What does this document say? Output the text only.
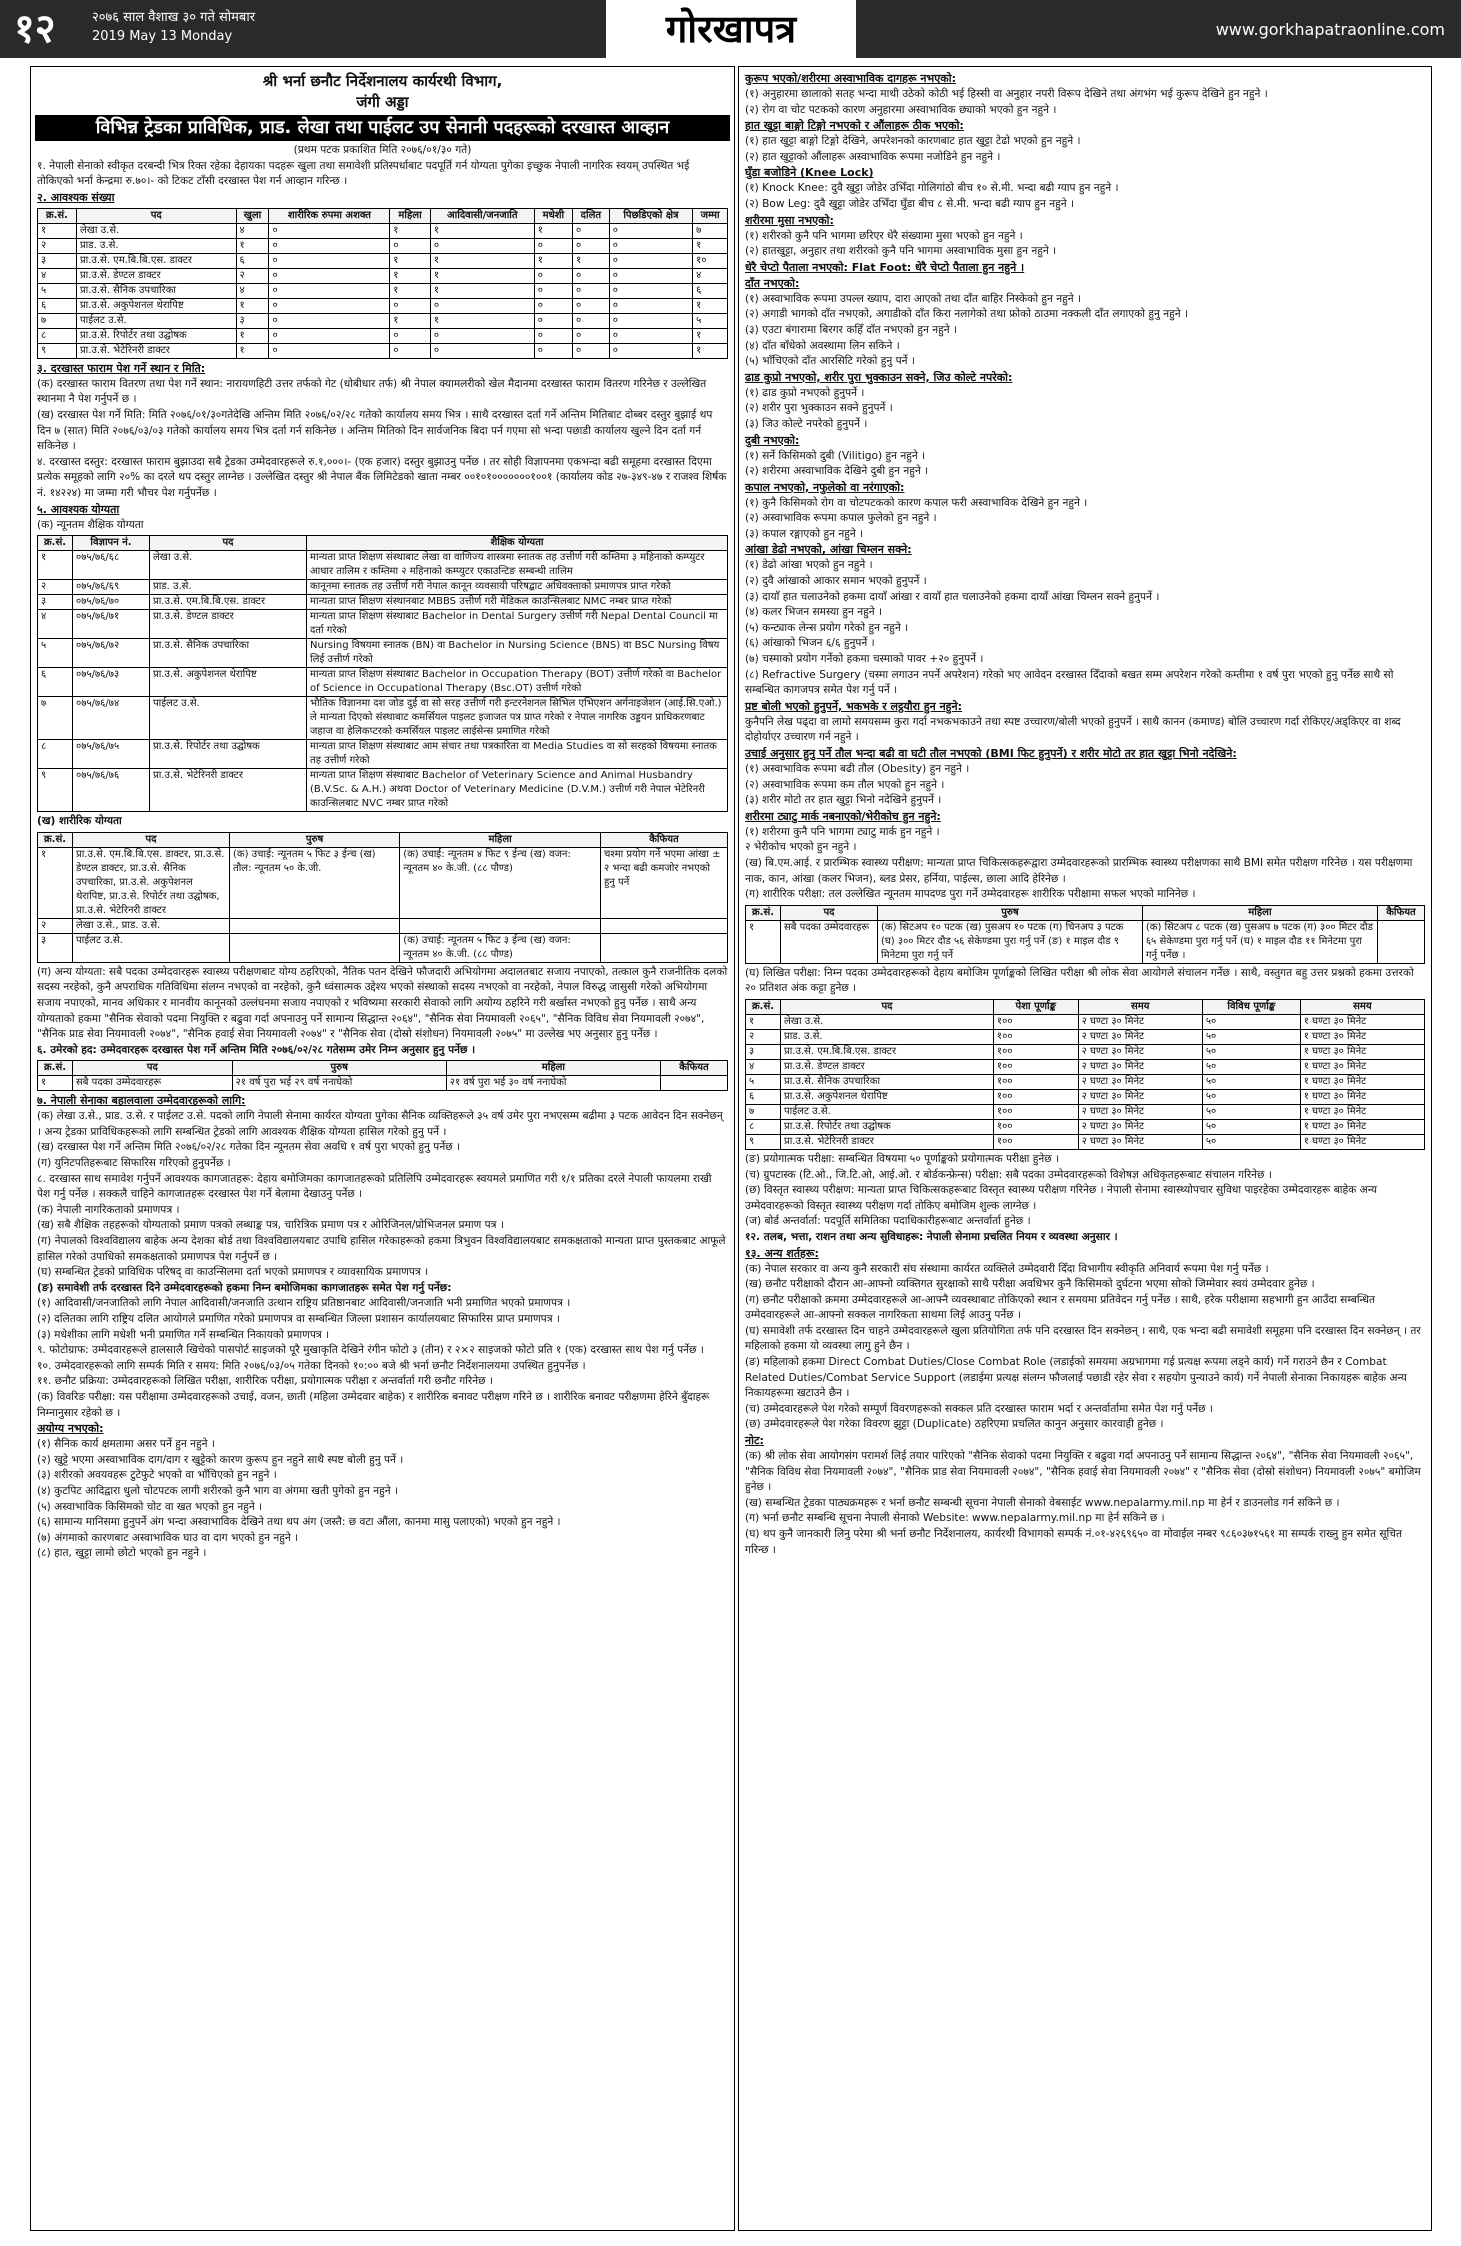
१२	२०७६ साल वैशाख ३० गते सोमबार
2019 May 13 Monday	गोरखापत्र	www.gorkhapatraonline.com
श्री भर्ना छनौट निर्देशनालय कार्यरथी विभाग,
जंगी अड्डा
विभिन्न ट्रेडका प्राविधिक, प्राड. लेखा तथा पाईलट उप सेनानी पदहरूको दरखास्त आव्हान
(प्रथम पटक प्रकाशित मिति २०७६/०१/३० गते)
१. नेपाली सेनाको स्वीकृत दरबन्दी भित्र रिक्त रहेका देहायका पदहरू खुला तथा समावेशी प्रतिस्पर्धाबाट पदपूर्ति गर्न योग्यता पुगेका इच्छुक नेपाली नागरिक स्वयम् उपस्थित भई तोकिएको भर्ना केन्द्रमा रु.७०।- को टिकट टाँसी दरखास्त पेश गर्न आव्हान गरिन्छ ।
२. आवश्यक संख्या
क्र.सं.	पद	खुला	शारीरिक रुपमा अशक्त	महिला	आदिवासी/जनजाति	मधेशी	दलित	पिछडिएको क्षेत्र	जम्मा
१	लेखा उ.से.	४	०	१	१	१	०	०	७
२	प्राड. उ.से.	१	०	०	०	०	०	०	१
३	प्रा.उ.से. एम.बि.बि.एस. डाक्टर	६	०	१	१	१	१	०	१०
४	प्रा.उ.से. डेण्टल डाक्टर	२	०	१	१	०	०	०	४
५	प्रा.उ.से. सैनिक उपचारिका	४	०	१	१	०	०	०	६
६	प्रा.उ.से. अकुपेशनल थेरापिष्ट	१	०	०	०	०	०	०	१
७	पाईलट उ.से.	३	०	१	१	०	०	०	५
८	प्रा.उ.से. रिपोर्टर तथा उद्घोषक	१	०	०	०	०	०	०	१
९	प्रा.उ.से. भेटेरिनरी डाक्टर	१	०	०	०	०	०	०	१
३. दरखास्त फाराम पेश गर्ने स्थान र मिति:
(क) दरखास्त फाराम वितरण तथा पेश गर्ने स्थान: नारायणहिटी उत्तर तर्फको गेट (धोबीधार तर्फ) श्री नेपाल क्यामलरीको खेल मैदानमा दरखास्त फाराम वितरण गरिनेछ र उल्लेखित स्थानमा नै पेश गर्नुपर्ने छ ।
(ख) दरखास्त पेश गर्ने मिति: मिति २०७६/०१/३०गतेदेखि अन्तिम मिति २०७६/०२/२८ गतेको कार्यालय समय भित्र । साथै दरखास्त दर्ता गर्ने अन्तिम मितिबाट दोब्बर दस्तुर बुझाई थप दिन ७ (सात) मिति २०७६/०३/०३ गतेको कार्यालय समय भित्र दर्ता गर्न सकिनेछ । अन्तिम मितिको दिन सार्वजनिक बिदा पर्न गएमा सो भन्दा पछाडी कार्यालय खुल्ने दिन दर्ता गर्न सकिनेछ ।
४. दरखास्त दस्तुर: दरखास्त फाराम बुझाउदा सबै ट्रेडका उम्मेदवारहरूले रु.१,०००।- (एक हजार) दस्तुर बुझाउनु पर्नेछ । तर सोही विज्ञापनमा एकभन्दा बढी समूहमा दरखास्त दिएमा प्रत्येक समूहको लागि २०% का दरले थप दस्तुर लाग्नेछ । उल्लेखित दस्तुर श्री नेपाल बैंक लिमिटेडको खाता नम्बर ००१०१०००००००१००१ (कार्यालय कोड २७-३४९-४७ र राजश्व शिर्षक नं. १४२२४) मा जम्मा गरी भौचर पेश गर्नुपर्नेछ ।
५. आवश्यक योग्यता
(क) न्यूनतम शैक्षिक योग्यता
क्र.सं.	विज्ञापन नं.	पद	शैक्षिक योग्यता
१	०७५/७६/६८	लेखा उ.से.	मान्यता प्राप्त शिक्षण संस्थाबाट लेखा वा वाणिज्य शास्त्रमा स्नातक तह उत्तीर्ण गरी कम्तिमा ३ महिनाको कम्प्युटर आधार तालिम र कम्तिमा २ महिनाको कम्प्युटर एकाउन्टिङ सम्बन्धी तालिम
२	०७५/७६/६९	प्राड. उ.से.	कानूनमा स्नातक तह उत्तीर्ण गरी नेपाल कानून व्यवसायी परिषद्बाट अधिवक्ताको प्रमाणपत्र प्राप्त गरेको
३	०७५/७६/७०	प्रा.उ.से. एम.बि.बि.एस. डाक्टर	मान्यता प्राप्त शिक्षण संस्थानबाट MBBS उत्तीर्ण गरी मेडिकल काउन्सिलबाट NMC नम्बर प्राप्त गरेको
४	०७५/७६/७१	प्रा.उ.से. डेण्टल डाक्टर	मान्यता प्राप्त शिक्षण संस्थाबाट Bachelor in Dental Surgery उत्तीर्ण गरी Nepal Dental Council मा दर्ता गरेको
५	०७५/७६/७२	प्रा.उ.से. सैनिक उपचारिका	Nursing विषयमा स्नातक (BN) वा Bachelor in Nursing Science (BNS) वा BSC Nursing विषय लिई उत्तीर्ण गरेको
६	०७५/७६/७३	प्रा.उ.से. अकुपेशनल थेरापिष्ट	मान्यता प्राप्त शिक्षण संस्थाबाट Bachelor in Occupation Therapy (BOT) उत्तीर्ण गरेको वा Bachelor of Science in Occupational Therapy (Bsc.OT) उत्तीर्ण गरेको
७	०७५/७६/७४	पाईलट उ.से.	भौतिक विज्ञानमा दश जोड दुई वा सो सरह उत्तीर्ण गरी इन्टरनेशनल सिभिल एभिएशन अर्गनाइजेशन (आई.सि.एओ.) ले मान्यता दिएको संस्थाबाट कमर्सियल पाइलट इजाजत पत्र प्राप्त गरेको र नेपाल नागरिक उड्डयन प्राधिकरणबाट जहाज वा हेलिकप्टरको कमर्सियल पाइलट लाईसेन्स प्रमाणित गरेको
८	०७५/७६/७५	प्रा.उ.से. रिपोर्टर तथा उद्घोषक	मान्यता प्राप्त शिक्षण संस्थाबाट आम संचार तथा पत्रकारिता वा Media Studies वा सो सरहको विषयमा स्नातक तह उत्तीर्ण गरेको
९	०७५/७६/७६	प्रा.उ.से. भेटेरिनरी डाक्टर	मान्यता प्राप्त शिक्षण संस्थाबाट Bachelor of Veterinary Science and Animal Husbandry (B.V.Sc. & A.H.) अथवा Doctor of Veterinary Medicine (D.V.M.) उत्तीर्ण गरी नेपाल भेटेरिनरी काउन्सिलबाट NVC नम्बर प्राप्त गरेको
(ख) शारीरिक योग्यता
क्र.सं.	पद	पुरुष	महिला	कैफियत
१	प्रा.उ.से. एम.बि.बि.एस. डाक्टर, प्रा.उ.से. डेण्टल डाक्टर, प्रा.उ.से. सैनिक उपचारिका, प्रा.उ.से. अकुपेशनल थेरापिष्ट, प्रा.उ.से. रिपोर्टर तथा उद्घोषक, प्रा.उ.से. भेटेरिनरी डाक्टर	(क) उचाई: न्यूनतम ५ फिट ३ ईन्च (ख) तौल: न्यूनतम ५० के.जी.	(क) उचाई: न्यूनतम ४ फिट ९ ईन्च (ख) वजन: न्यूनतम ४० के.जी. (८८ पौण्ड)	चश्मा प्रयोग गर्ने भएमा आंखा ± २ भन्दा बढी कमजोर नभएको हुनु पर्ने
२	लेखा उ.से., प्राड. उ.से.			
३	पाईलट उ.से.		(क) उचाई: न्यूनतम ५ फिट ३ ईन्च (ख) वजन: न्यूनतम ४० के.जी. (८८ पौण्ड)	
(ग) अन्य योग्यता: सबै पदका उम्मेदवारहरू स्वास्थ्य परीक्षणबाट योग्य ठहरिएको, नैतिक पतन देखिने फौजदारी अभियोगमा अदालतबाट सजाय नपाएको, तत्काल कुनै राजनीतिक दलको सदस्य नरहेको, कुनै अपराधिक गतिविधिमा संलग्न नभएको वा नरहेको, कुनै ध्वंसात्मक उद्देश्य भएको संस्थाको सदस्य नभएको वा नरहेको, नेपाल विरुद्ध जासुसी गरेको अभियोगमा सजाय नपाएको, मानव अधिकार र मानवीय कानूनको उल्लंघनमा सजाय नपाएको र भविष्यमा सरकारी सेवाको लागि अयोग्य ठहरिने गरी बर्खास्त नभएको हुनु पर्नेछ । साथै अन्य योग्यताको हकमा "सैनिक सेवाको पदमा नियुक्ति र बढुवा गर्दा अपनाउनु पर्ने सामान्य सिद्धान्त २०६४", "सैनिक सेवा नियमावली २०६५", "सैनिक विविध सेवा नियमावली २०७४", "सैनिक प्राड सेवा नियमावली २०७४", "सैनिक हवाई सेवा नियमावली २०७४" र "सैनिक सेवा (दोस्रो संशोधन) नियमावली २०७५" मा उल्लेख भए अनुसार हुनु पर्नेछ ।
६. उमेरको हद: उम्मेदवारहरू दरखास्त पेश गर्ने अन्तिम मिति २०७६/०२/२८ गतेसम्म उमेर निम्न अनुसार हुनु पर्नेछ ।
क्र.सं.	पद	पुरुष	महिला	कैफियत
१	सबै पदका उम्मेदवारहरू	२१ वर्ष पुरा भई २९ वर्ष ननाघेको	२१ वर्ष पुरा भई ३० वर्ष ननाघेको	
७. नेपाली सेनाका बहालवाला उम्मेदवारहरूको लागि:
(क) लेखा उ.से., प्राड. उ.से. र पाईलट उ.से. पदको लागि नेपाली सेनामा कार्यरत योग्यता पुगेका सैनिक व्यक्तिहरूले ३५ वर्ष उमेर पुरा नभएसम्म बढीमा ३ पटक आवेदन दिन सक्नेछन् । अन्य ट्रेडका प्राविधिकहरूको लागि सम्बन्धित ट्रेडको लागि आवश्यक शैक्षिक योग्यता हासिल गरेको हुनु पर्ने ।
(ख) दरखास्त पेश गर्ने अन्तिम मिति २०७६/०२/२८ गतेका दिन न्यूनतम सेवा अवधि १ वर्ष पुरा भएको हुनु पर्नेछ ।
(ग) युनिटपतिहरूबाट सिफारिस गरिएको हुनुपर्नेछ ।
८. दरखास्त साथ समावेश गर्नुपर्ने आवश्यक कागजातहरू: देहाय बमोजिमका कागजातहरूको प्रतिलिपि उम्मेदवारहरू स्वयमले प्रमाणित गरी १/१ प्रतिका दरले नेपाली फायलमा राखी पेश गर्नु पर्नेछ । सक्कलै चाहिने कागजातहरू दरखास्त पेश गर्ने बेलामा देखाउनु पर्नेछ ।
(क) नेपाली नागरिकताको प्रमाणपत्र ।
(ख) सबै शैक्षिक तहहरूको योग्यताको प्रमाण पत्रको लब्धाङ्क पत्र, चारित्रिक प्रमाण पत्र र ओरिजिनल/प्रोभिजनल प्रमाण पत्र ।
(ग) नेपालको विश्वविद्यालय बाहेक अन्य देशका बोर्ड तथा विश्वविद्यालयबाट उपाधि हासिल गरेकाहरूको हकमा त्रिभुवन विश्वविद्यालयबाट समकक्षताको मान्यता प्राप्त पुस्तकबाट आफूले हासिल गरेको उपाधिको समकक्षताको प्रमाणपत्र पेश गर्नुपर्ने छ ।
(घ) सम्बन्धित ट्रेडको प्राविधिक परिषद् वा काउन्सिलमा दर्ता भएको प्रमाणपत्र र व्यावसायिक प्रमाणपत्र ।
(ङ) समावेशी तर्फ दरखास्त दिने उम्मेदवारहरूको हकमा निम्न बमोजिमका कागजातहरू समेत पेश गर्नु पर्नेछ:
(१) आदिवासी/जनजातिको लागि नेपाल आदिवासी/जनजाति उत्थान राष्ट्रिय प्रतिष्ठानबाट आदिवासी/जनजाति भनी प्रमाणित भएको प्रमाणपत्र ।
(२) दलितका लागि राष्ट्रिय दलित आयोगले प्रमाणित गरेको प्रमाणपत्र वा सम्बन्धित जिल्ला प्रशासन कार्यालयबाट सिफारिस प्राप्त प्रमाणपत्र ।
(३) मधेशीका लागि मधेशी भनी प्रमाणित गर्ने सम्बन्धित निकायको प्रमाणपत्र ।
९. फोटोग्राफ: उम्मेदवारहरूले हालसालै खिचेको पासपोर्ट साइजको पूरै मुखाकृति देखिने रंगीन फोटो ३ (तीन) र २×२ साइजको फोटो प्रति १ (एक) दरखास्त साथ पेश गर्नु पर्नेछ ।
१०. उम्मेदवारहरूको लागि सम्पर्क मिति र समय: मिति २०७६/०३/०५ गतेका दिनको १०:०० बजे श्री भर्ना छनौट निर्देशनालयमा उपस्थित हुनुपर्नेछ ।
११. छनौट प्रक्रिया: उम्मेदवारहरूको लिखित परीक्षा, शारीरिक परीक्षा, प्रयोगात्मक परीक्षा र अन्तर्वार्ता गरी छनौट गरिनेछ ।
(क) विवरिङ परीक्षा: यस परीक्षामा उम्मेदवारहरूको उचाई, वजन, छाती (महिला उम्मेदवार बाहेक) र शारीरिक बनावट परीक्षण गरिने छ । शारीरिक बनावट परीक्षणमा हेरिने बुँदाहरू निम्नानुसार रहेको छ ।
अयोग्य नभएको:
(१) सैनिक कार्य क्षमतामा असर पर्ने हुन नहुने ।
(२) खुट्टे भएमा अस्वाभाविक दाग/दाग र खुट्टेको कारण कुरूप हुन नहुने साथै स्पष्ट बोली हुनु पर्ने ।
(३) शरीरको अवयवहरू टुटेफुटे भएको वा भाँचिएको हुन नहुने ।
(४) कुटपिट आदिद्वारा धुलो चोटपटक लागी शरीरको कुनै भाग वा अंगमा खती पुगेको हुन नहुने ।
(५) अस्वाभाविक किसिमको चोट वा खत भएको हुन नहुने ।
(६) सामान्य मानिसमा हुनुपर्ने अंग भन्दा अस्वाभाविक देखिने तथा थप अंग (जस्तै: छ वटा औंला, कानमा मासु पलाएको) भएको हुन नहुने ।
(७) अंगमाको कारणबाट अस्वाभाविक घाउ वा दाग भएको हुन नहुने ।
(८) हात, खुट्टा लामो छोटो भएको हुन नहुने ।
कुरूप भएको/शरीरमा अस्वाभाविक दागहरू नभएको:
(१) अनुहारमा छालाको सतह भन्दा माथी उठेको कोठी भई हिस्सी वा अनुहार नपरी विरूप देखिने तथा अंगभंग भई कुरूप देखिने हुन नहुने ।
(२) रोग वा चोट पटकको कारण अनुहारमा अस्वाभाविक छ्याको भएको हुन नहुने ।
हात खुट्टा बाङ्गो टिङ्गो नभएको र औंलाहरू ठीक भएको:
(१) हात खुट्टा बाङ्गो टिङ्गो देखिने, अपरेशनको कारणबाट हात खुट्टा टेढो भएको हुन नहुने ।
(२) हात खुट्टाको औंलाहरू अस्वाभाविक रूपमा नजोडिने हुन नहुने ।
घुँडा बजोडिने (Knee Lock)
(१) Knock Knee: दुवै खुट्टा जोडेर उभिँदा गोलिगांठो बीच १० से.मी. भन्दा बढी ग्याप हुन नहुने ।
(२) Bow Leg: दुवै खुट्टा जोडेर उभिँदा घुँडा बीच ८ से.मी. भन्दा बढी ग्याप हुन नहुने ।
शरीरमा मुसा नभएको:
(१) शरीरको कुनै पनि भागमा छरिएर धेरै संख्यामा मुसा भएको हुन नहुने ।
(२) हातखुट्टा, अनुहार तथा शरीरको कुनै पनि भागमा अस्वाभाविक मुसा हुन नहुने ।
धेरै चेप्टो पैताला नभएको: Flat Foot: धेरै चेप्टो पैताला हुन नहुने ।
दाँत नभएको:
(१) अस्वाभाविक रूपमा उपल्ल ख्याप, दारा आएको तथा दाँत बाहिर निस्केको हुन नहुने ।
(२) अगाडी भागको दाँत नभएको, अगाडीको दाँत किरा नलागेको तथा फ्रोको ठाउमा नक्कली दाँत लगाएको हुनु नहुने ।
(३) एउटा बंगारामा बिरगर कहिँ दाँत नभएको हुन नहुने ।
(४) दाँत बाँधेको अवस्थामा लिन सकिने ।
(५) भाँचिएको दाँत आरसिटि गरेको हुनु पर्ने ।
ढाड कुप्रो नभएको, शरीर पुरा भुक्काउन सक्ने, जिउ कोल्टे नपरेको:
(१) ढाड कुप्रो नभएको हुनुपर्ने ।
(२) शरीर पुरा भुक्काउन सक्ने हुनुपर्ने ।
(३) जिउ कोल्टे नपरेको हुनुपर्ने ।
दुबी नभएको:
(१) सर्ने किसिमको दुबी (Vilitigo) हुन नहुने ।
(२) शरीरमा अस्वाभाविक देखिने दुबी हुन नहुने ।
कपाल नभएको, नफुलेको वा नरंगाएको:
(१) कुनै किसिमको रोग वा चोटपटकको कारण कपाल फरी अस्वाभाविक देखिने हुन नहुने ।
(२) अस्वाभाविक रूपमा कपाल फुलेको हुन नहुने ।
(३) कपाल रङ्गाएको हुन नहुने ।
आंखा डेढो नभएको, आंखा चिम्लन सक्ने:
(१) डेढो आंखा भएको हुन नहुने ।
(२) दुवै आंखाको आकार समान भएको हुनुपर्ने ।
(३) दायाँ हात चलाउनेको हकमा दायाँ आंखा र वायाँ हात चलाउनेको हकमा दायाँ आंखा चिम्लन सक्ने हुनुपर्ने ।
(४) कलर भिजन समस्या हुन नहुने ।
(५) कन्ट्याक लेन्स प्रयोग गरेको हुन नहुने ।
(६) आंखाको भिजन ६/६ हुनुपर्ने ।
(७) चस्माको प्रयोग गर्नेको हकमा चस्माको पावर +२० हुनुपर्ने ।
(८) Refractive Surgery (चस्मा लगाउन नपर्ने अपरेशन) गरेको भए आवेदन दरखास्त दिँदाको बखत सम्म अपरेशन गरेको कम्तीमा १ वर्ष पुरा भएको हुनु पर्नेछ साथै सो सम्बन्धित कागजपत्र समेत पेश गर्नु पर्ने ।
प्रष्ट बोली भएको हुनुपर्ने, भकभके र लट्ठयौरा हुन नहुने:
कुनैपनि लेख पढ्दा वा लामो समयसम्म कुरा गर्दा नभकभकाउने तथा स्पष्ट उच्चारण/बोली भएको हुनुपर्ने । साथै कानन (कमाण्ड) बोलि उच्चारण गर्दा रोकिएर/अड्किएर वा शब्द दोहोर्याएर उच्चारण गर्न नहुने ।
उचाई अनुसार हुनु पर्ने तौल भन्दा बढी वा घटी तौल नभएको (BMI फिट हुनुपर्ने) र शरीर मोटो तर हात खुट्टा भिनो नदेखिने:
(१) अस्वाभाविक रूपमा बढी तौल (Obesity) हुन नहुने ।
(२) अस्वाभाविक रूपमा कम तौल भएको हुन नहुने ।
(३) शरीर मोटो तर हात खुट्टा भिनो नदेखिने हुनुपर्ने ।
शरीरमा ट्याटु मार्क नबनाएको/भेरीकोच हुन नहुने:
(१) शरीरमा कुनै पनि भागमा ट्याटु मार्क हुन नहुने ।
२ भेरीकोच भएको हुन नहुने ।
(ख) बि.एम.आई. र प्रारम्भिक स्वास्थ्य परीक्षण: मान्यता प्राप्त चिकित्सकहरूद्वारा उम्मेदवारहरूको प्रारम्भिक स्वास्थ्य परीक्षणका साथै BMI समेत परीक्षण गरिनेछ । यस परीक्षणमा नाक, कान, आंखा (कलर भिजन), ब्लड प्रेसर, हर्निया, पाईल्स, छाला आदि हेरिनेछ ।
(ग) शारीरिक परीक्षा: तल उल्लेखित न्यूनतम मापदण्ड पुरा गर्ने उम्मेदवारहरू शारीरिक परीक्षामा सफल भएको मानिनेछ ।
क्र.सं.	पद	पुरुष	महिला	कैफियत
१	सबै पदका उम्मेदवारहरू	(क) सिटअप १० पटक (ख) पुसअप १० पटक (ग) चिनअप ३ पटक (घ) ३०० मिटर दौड ५६ सेकेण्डमा पुरा गर्नु पर्ने (ङ) १ माइल दौड ९ मिनेटमा पुरा गर्नु पर्ने	(क) सिटअप ८ पटक (ख) पुसअप ७ पटक (ग) ३०० मिटर दौड ६५ सेकेण्डमा पुरा गर्नु पर्ने (घ) १ माइल दौड ११ मिनेटमा पुरा गर्नु पर्नेछ ।	
(घ) लिखित परीक्षा: निम्न पदका उम्मेदवारहरूको देहाय बमोजिम पूर्णाङ्कको लिखित परीक्षा श्री लोक सेवा आयोगले संचालन गर्नेछ । साथै, वस्तुगत बहु उत्तर प्रश्नको हकमा उत्तरको २० प्रतिशत अंक कट्टा हुनेछ ।
क्र.सं.	पद	पेशा पूर्णाङ्क	समय	विविध पूर्णाङ्क	समय
१	लेखा उ.से.	१००	२ घण्टा ३० मिनेट	५०	१ घण्टा ३० मिनेट
२	प्राड. उ.से.	१००	२ घण्टा ३० मिनेट	५०	१ घण्टा ३० मिनेट
३	प्रा.उ.से. एम.बि.बि.एस. डाक्टर	१००	२ घण्टा ३० मिनेट	५०	१ घण्टा ३० मिनेट
४	प्रा.उ.से. डेण्टल डाक्टर	१००	२ घण्टा ३० मिनेट	५०	१ घण्टा ३० मिनेट
५	प्रा.उ.से. सैनिक उपचारिका	१००	२ घण्टा ३० मिनेट	५०	१ घण्टा ३० मिनेट
६	प्रा.उ.से. अकुपेशनल थेरापिष्ट	१००	२ घण्टा ३० मिनेट	५०	१ घण्टा ३० मिनेट
७	पाईलट उ.से.	१००	२ घण्टा ३० मिनेट	५०	१ घण्टा ३० मिनेट
८	प्रा.उ.से. रिपोर्टर तथा उद्घोषक	१००	२ घण्टा ३० मिनेट	५०	१ घण्टा ३० मिनेट
९	प्रा.उ.से. भेटेरिनरी डाक्टर	१००	२ घण्टा ३० मिनेट	५०	१ घण्टा ३० मिनेट
(ङ) प्रयोगात्मक परीक्षा: सम्बन्धित विषयमा ५० पूर्णाङ्कको प्रयोगात्मक परीक्षा हुनेछ ।
(च) ग्रुपटास्क (टि.ओ., जि.टि.ओ, आई.ओ. र बोर्डकन्फ्रेन्स) परीक्षा: सबै पदका उम्मेदवारहरूको विशेषज्ञ अधिकृतहरूबाट संचालन गरिनेछ ।
(छ) विस्तृत स्वास्थ्य परीक्षण: मान्यता प्राप्त चिकित्सकहरूबाट विस्तृत स्वास्थ्य परीक्षण गरिनेछ । नेपाली सेनामा स्वास्थ्योपचार सुविधा पाइरहेका उम्मेदवारहरू बाहेक अन्य उम्मेदवारहरूको विस्तृत स्वास्थ्य परीक्षण गर्दा तोकिए बमोजिम शुल्क लाग्नेछ ।
(ज) बोर्ड अन्तर्वार्ता: पदपूर्ति समितिका पदाधिकारीहरूबाट अन्तर्वार्ता हुनेछ ।
१२. तलब, भत्ता, राशन तथा अन्य सुविधाहरू: नेपाली सेनामा प्रचलित नियम र व्यवस्था अनुसार ।
१३. अन्य शर्तहरू:
(क) नेपाल सरकार वा अन्य कुनै सरकारी संघ संस्थामा कार्यरत व्यक्तिले उम्मेदवारी दिँदा विभागीय स्वीकृति अनिवार्य रूपमा पेश गर्नु पर्नेछ ।
(ख) छनौट परीक्षाको दौरान आ-आफ्नो व्यक्तिगत सुरक्षाको साथै परीक्षा अवधिभर कुनै किसिमको दुर्घटना भएमा सोको जिम्मेवार स्वयं उम्मेदवार हुनेछ ।
(ग) छनौट परीक्षाको क्रममा उम्मेदवारहरूले आ-आफ्नै व्यवस्थाबाट तोकिएको स्थान र समयमा प्रतिवेदन गर्नु पर्नेछ । साथै, हरेक परीक्षामा सहभागी हुन आउँदा सम्बन्धित उम्मेदवारहरूले आ-आफ्नो सक्कल नागरिकता साथमा लिई आउनु पर्नेछ ।
(घ) समावेशी तर्फ दरखास्त दिन चाहने उम्मेदवारहरूले खुला प्रतियोगिता तर्फ पनि दरखास्त दिन सक्नेछन् । साथै, एक भन्दा बढी समावेशी समूहमा पनि दरखास्त दिन सक्नेछन् । तर महिलाको हकमा यो व्यवस्था लागु हुने छैन ।
(ङ) महिलाको हकमा Direct Combat Duties/Close Combat Role (लडाईको समयमा अग्रभागमा गई प्रत्यक्ष रूपमा लड्ने कार्य) गर्ने गराउने छैन र Combat Related Duties/Combat Service Support (लडाईमा प्रत्यक्ष संलग्न फौजलाई पछाडी रहेर सेवा र सहयोग पुन्याउने कार्य) गर्ने नेपाली सेनाका निकायहरू बाहेक अन्य निकायहरूमा खटाउने छैन ।
(च) उम्मेदवारहरूले पेश गरेको सम्पूर्ण विवरणहरूको सक्कल प्रति दरखास्त फाराम भर्दा र अन्तर्वार्तामा समेत पेश गर्नु पर्नेछ ।
(छ) उम्मेदवारहरूले पेश गरेका विवरण झुट्टा (Duplicate) ठहरिएमा प्रचलित कानुन अनुसार कारवाही हुनेछ ।
नोट:
(क) श्री लोक सेवा आयोगसंग परामर्श लिई तयार पारिएको "सैनिक सेवाको पदमा नियुक्ति र बढुवा गर्दा अपनाउनु पर्ने सामान्य सिद्धान्त २०६४", "सैनिक सेवा नियमावली २०६५", "सैनिक विविध सेवा नियमावली २०७४", "सैनिक प्राड सेवा नियमावली २०७४", "सैनिक हवाई सेवा नियमावली २०७४" र "सैनिक सेवा (दोस्रो संशोधन) नियमावली २०७५" बमोजिम हुनेछ ।
(ख) सम्बन्धित ट्रेडका पाठ्यक्रमहरू र भर्ना छनौट सम्बन्धी सूचना नेपाली सेनाको वेबसाईट www.nepalarmy.mil.np मा हेर्न र डाउनलोड गर्न सकिने छ ।
(ग) भर्ना छनौट सम्बन्धि सूचना नेपाली सेनाको Website: www.nepalarmy.mil.np मा हेर्न सकिने छ ।
(घ) थप कुनै जानकारी लिनु परेमा श्री भर्ना छनौट निर्देशनालय, कार्यरथी विभागको सम्पर्क नं.०१-४२६९६५० वा मोवाईल नम्बर ९८६०३७१५६१ मा सम्पर्क राख्नु हुन समेत सूचित गरिन्छ ।
